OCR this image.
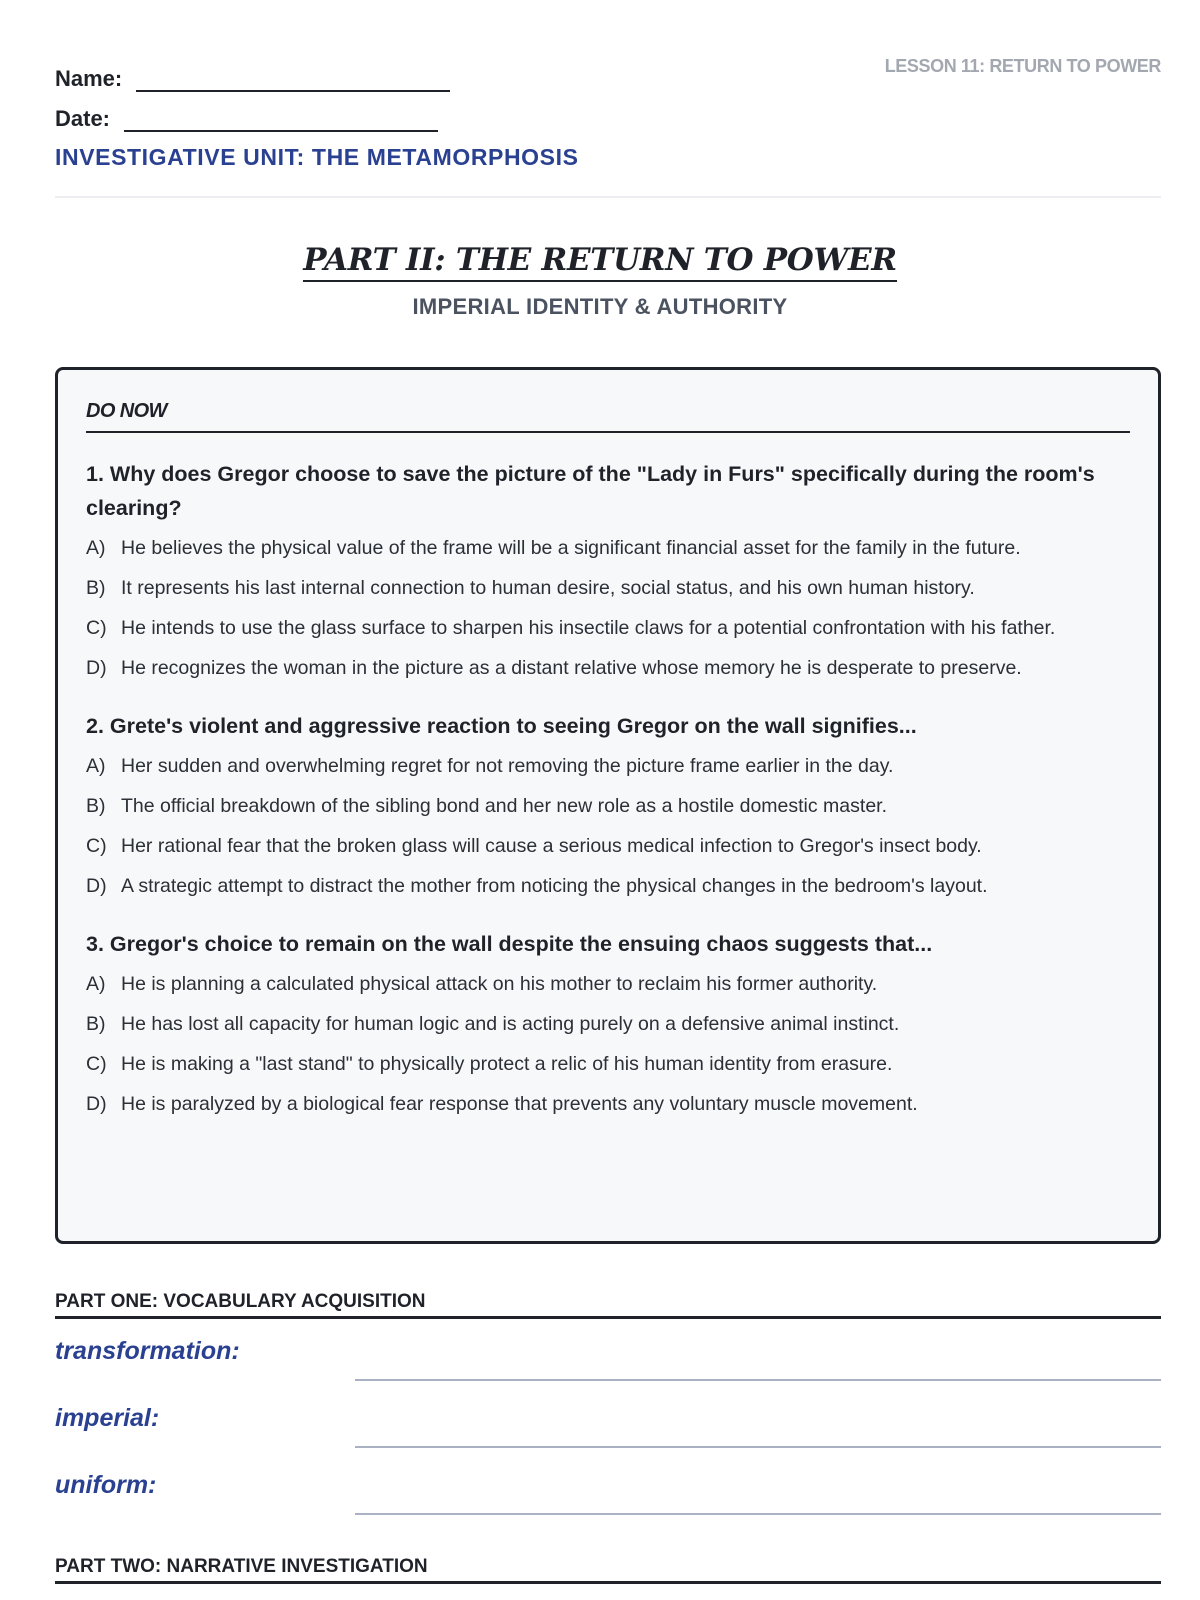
Name:
Date:
LESSON 11: RETURN TO POWER
INVESTIGATIVE UNIT: THE METAMORPHOSIS
PART II: THE RETURN TO POWER
IMPERIAL IDENTITY & AUTHORITY
DO NOW
1. Why does Gregor choose to save the picture of the "Lady in Furs" specifically during the room's clearing?
A) He believes the physical value of the frame will be a significant financial asset for the family in the future.
B) It represents his last internal connection to human desire, social status, and his own human history.
C) He intends to use the glass surface to sharpen his insectile claws for a potential confrontation with his father.
D) He recognizes the woman in the picture as a distant relative whose memory he is desperate to preserve.
2. Grete's violent and aggressive reaction to seeing Gregor on the wall signifies...
A) Her sudden and overwhelming regret for not removing the picture frame earlier in the day.
B) The official breakdown of the sibling bond and her new role as a hostile domestic master.
C) Her rational fear that the broken glass will cause a serious medical infection to Gregor's insect body.
D) A strategic attempt to distract the mother from noticing the physical changes in the bedroom's layout.
3. Gregor's choice to remain on the wall despite the ensuing chaos suggests that...
A) He is planning a calculated physical attack on his mother to reclaim his former authority.
B) He has lost all capacity for human logic and is acting purely on a defensive animal instinct.
C) He is making a "last stand" to physically protect a relic of his human identity from erasure.
D) He is paralyzed by a biological fear response that prevents any voluntary muscle movement.
PART ONE: VOCABULARY ACQUISITION
transformation:
imperial:
uniform:
PART TWO: NARRATIVE INVESTIGATION
